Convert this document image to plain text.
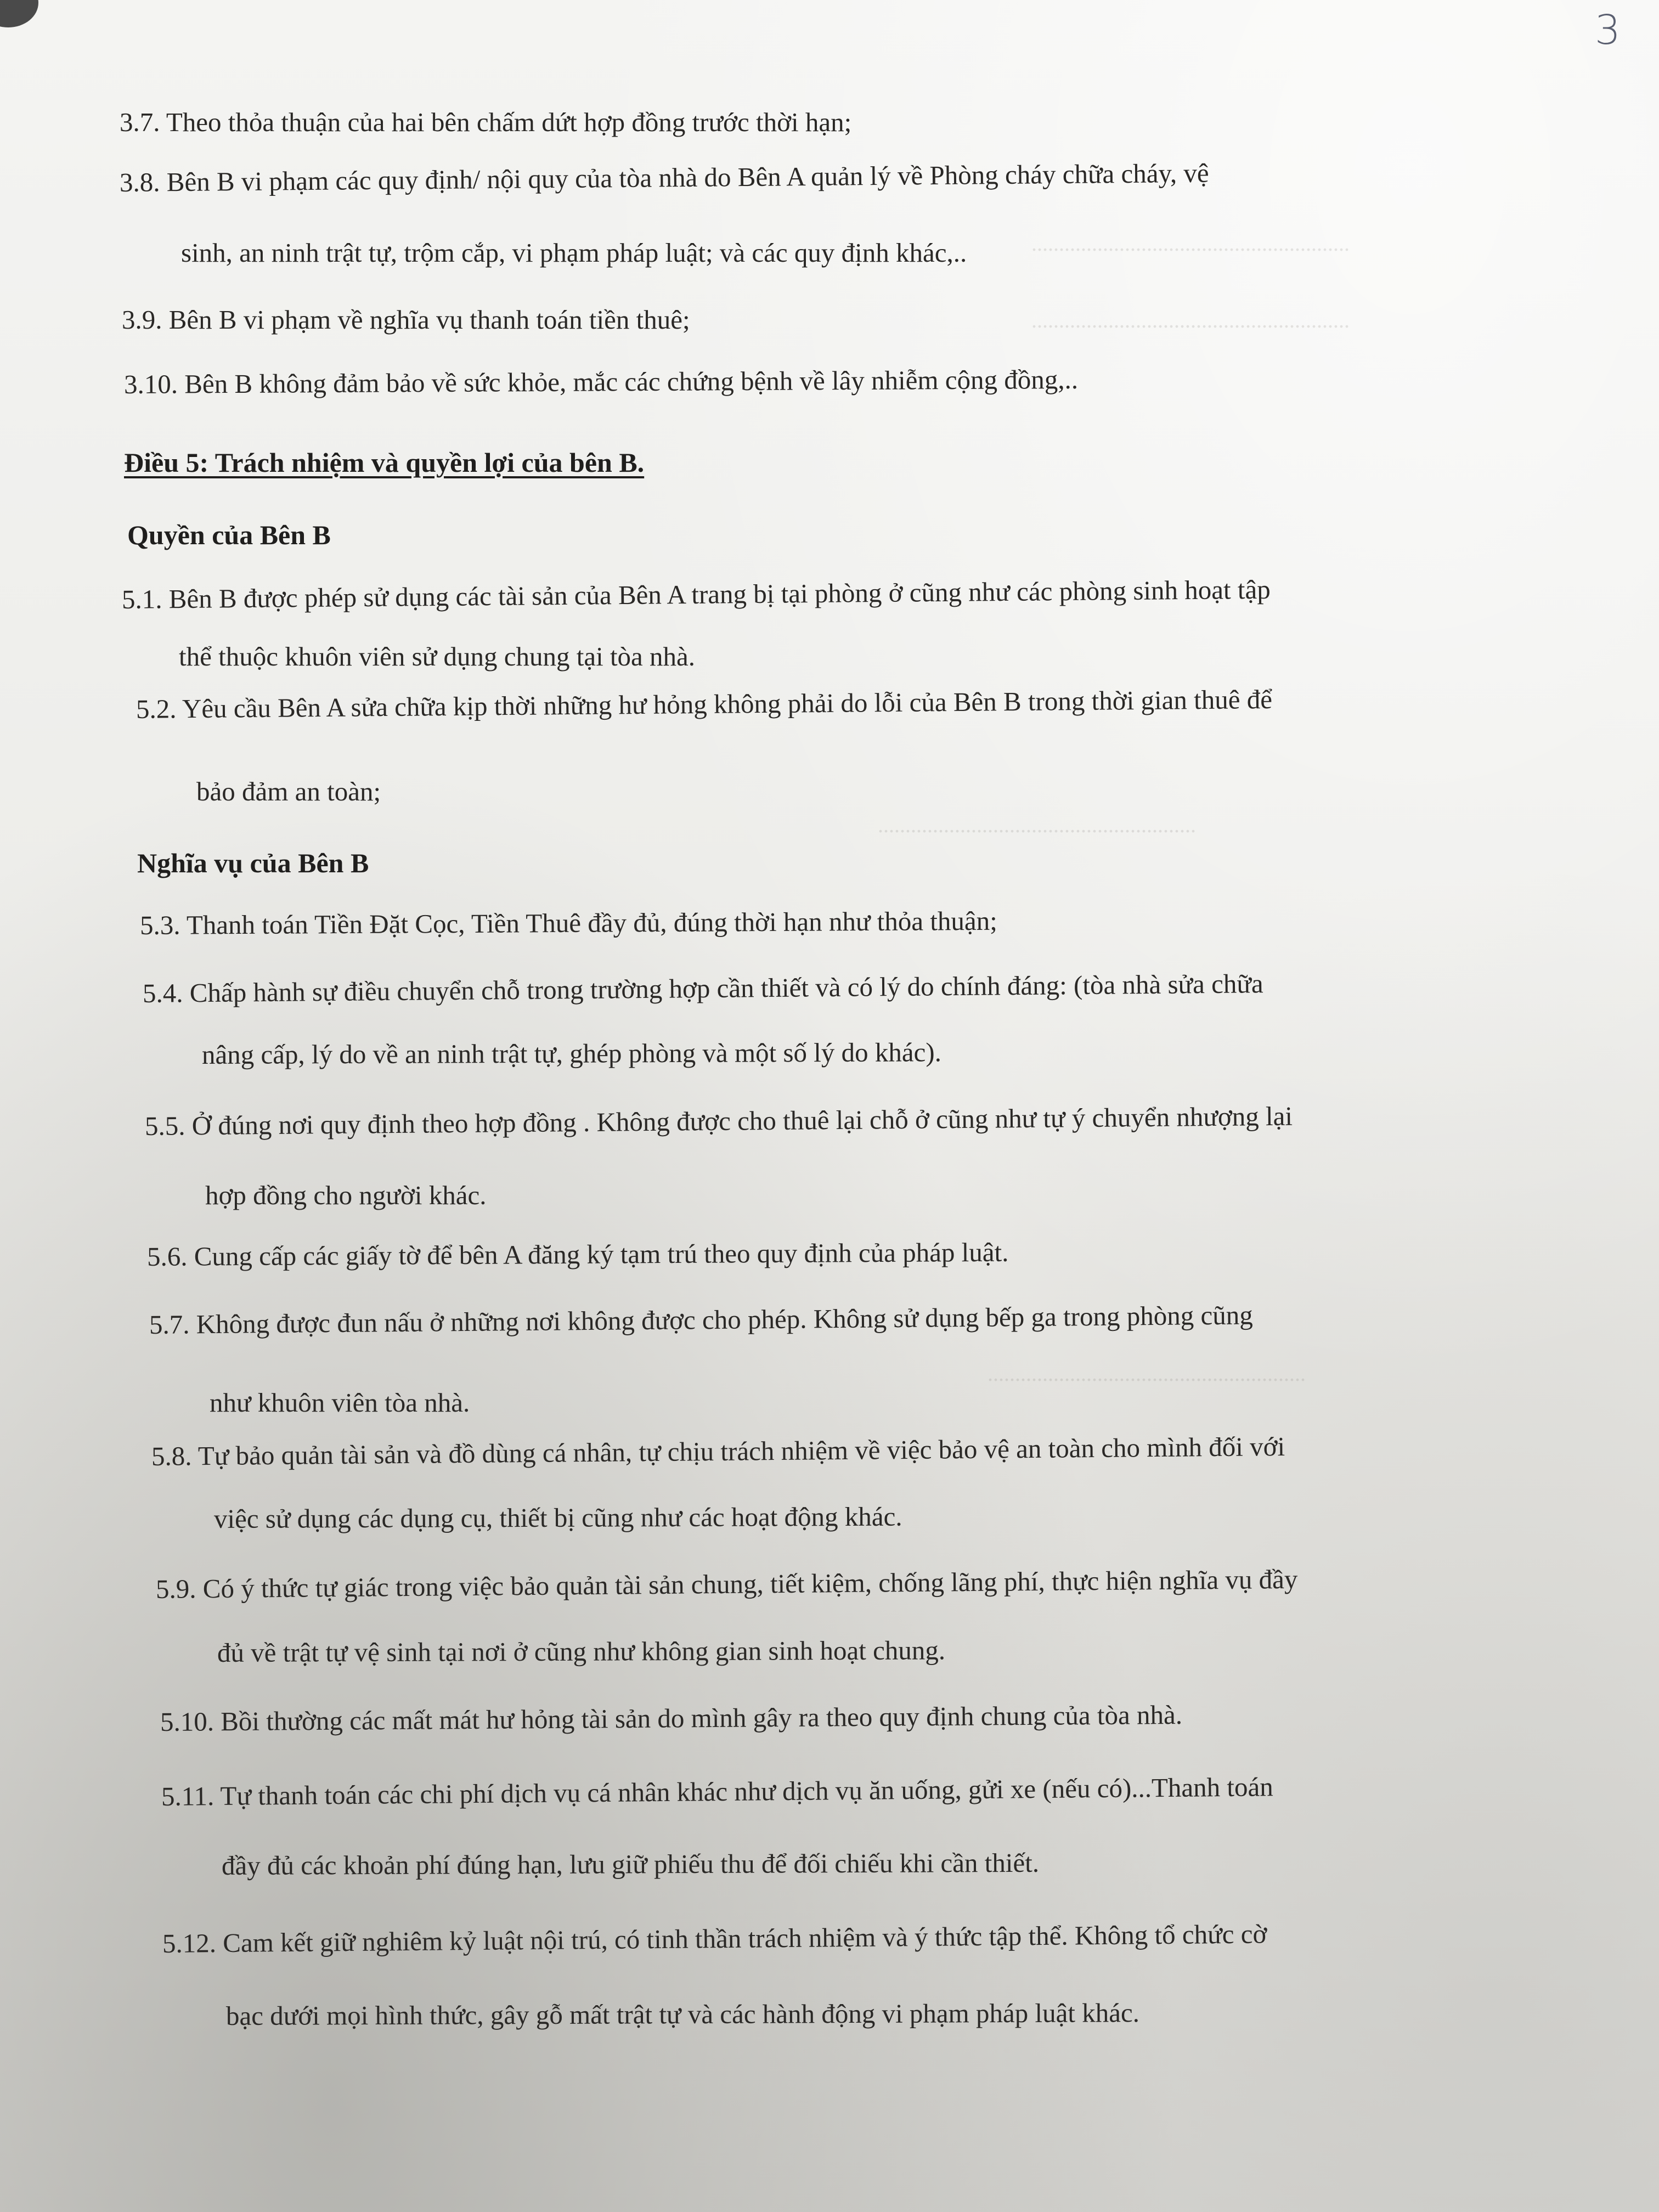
3
..........................................................
..........................................................
..........................................................
..........................................................
3.7. Theo thỏa thuận của hai bên chấm dứt hợp đồng trước thời hạn;
3.8. Bên B vi phạm các quy định/ nội quy của tòa nhà do Bên A quản lý về Phòng cháy chữa cháy, vệ
sinh, an ninh trật tự, trộm cắp, vi phạm pháp luật; và các quy định khác,..
3.9. Bên B vi phạm về nghĩa vụ thanh toán tiền thuê;
3.10. Bên B không đảm bảo về sức khỏe, mắc các chứng bệnh về lây nhiễm cộng đồng,..
Điều 5: Trách nhiệm và quyền lợi của bên B.
Quyền của Bên B
5.1. Bên B được phép sử dụng các tài sản của Bên A trang bị tại phòng ở cũng như các phòng sinh hoạt tập
thể thuộc khuôn viên sử dụng chung tại tòa nhà.
5.2. Yêu cầu Bên A sửa chữa kịp thời những hư hỏng không phải do lỗi của Bên B trong thời gian thuê để
bảo đảm an toàn;
Nghĩa vụ của Bên B
5.3. Thanh toán Tiền Đặt Cọc, Tiền Thuê đầy đủ, đúng thời hạn như thỏa thuận;
5.4. Chấp hành sự điều chuyển chỗ trong trường hợp cần thiết và có lý do chính đáng: (tòa nhà sửa chữa
nâng cấp, lý do về an ninh trật tự, ghép phòng và một số lý do khác).
5.5. Ở đúng nơi quy định theo hợp đồng . Không được cho thuê lại chỗ ở cũng như tự ý chuyển nhượng lại
hợp đồng cho người khác.
5.6. Cung cấp các giấy tờ để bên A đăng ký tạm trú theo quy định của pháp luật.
5.7. Không được đun nấu ở những nơi không được cho phép. Không sử dụng bếp ga trong phòng cũng
như khuôn viên tòa nhà.
5.8. Tự bảo quản tài sản và đồ dùng cá nhân, tự chịu trách nhiệm về việc bảo vệ an toàn cho mình đối với
việc sử dụng các dụng cụ, thiết bị cũng như các hoạt động khác.
5.9. Có ý thức tự giác trong việc bảo quản tài sản chung, tiết kiệm, chống lãng phí, thực hiện nghĩa vụ đầy
đủ về trật tự vệ sinh tại nơi ở cũng như không gian sinh hoạt chung.
5.10. Bồi thường các mất mát hư hỏng tài sản do mình gây ra theo quy định chung của tòa nhà.
5.11. Tự thanh toán các chi phí dịch vụ cá nhân khác như dịch vụ ăn uống, gửi xe (nếu có)...Thanh toán
đầy đủ các khoản phí đúng hạn, lưu giữ phiếu thu để đối chiếu khi cần thiết.
5.12. Cam kết giữ nghiêm kỷ luật nội trú, có tinh thần trách nhiệm và ý thức tập thể. Không tổ chức cờ
bạc dưới mọi hình thức, gây gỗ mất trật tự và các hành động vi phạm pháp luật khác.
